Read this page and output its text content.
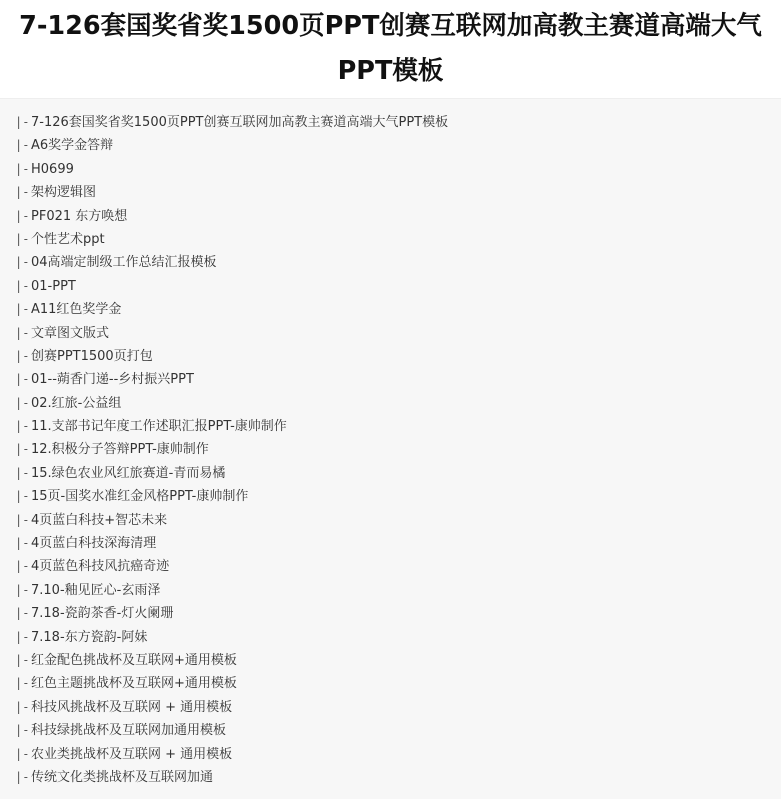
7-126套国奖省奖1500页PPT创赛互联网加高教主赛道高端大气PPT模板
|- 7-126套国奖省奖1500页PPT创赛互联网加高教主赛道高端大气PPT模板
|- A6奖学金答辩
|- H0699
|- 架构逻辑图
|- PF021 东方唤想
|- 个性艺术ppt
|- 04高端定制级工作总结汇报模板
|- 01-PPT
|- A11红色奖学金
|- 文章图文版式
|- 创赛PPT1500页打包
|- 01--蒴香门递--乡村振兴PPT
|- 02.红旅-公益组
|- 11.支部书记年度工作述职汇报PPT-康帅制作
|- 12.积极分子答辩PPT-康帅制作
|- 15.绿色农业风红旅赛道-青而易橘
|- 15页-国奖水准红金风格PPT-康帅制作
|- 4页蓝白科技+智芯未来
|- 4页蓝白科技深海清理
|- 4页蓝色科技风抗癌奇迹
|- 7.10-釉见匠心-玄雨泽
|- 7.18-瓷韵茶香-灯火阑珊
|- 7.18-东方瓷韵-阿妹
|- 红金配色挑战杯及互联网+通用模板
|- 红色主题挑战杯及互联网+通用模板
|- 科技风挑战杯及互联网 + 通用模板
|- 科技绿挑战杯及互联网加通用模板
|- 农业类挑战杯及互联网 + 通用模板
|- 传统文化类挑战杯及互联网加通
